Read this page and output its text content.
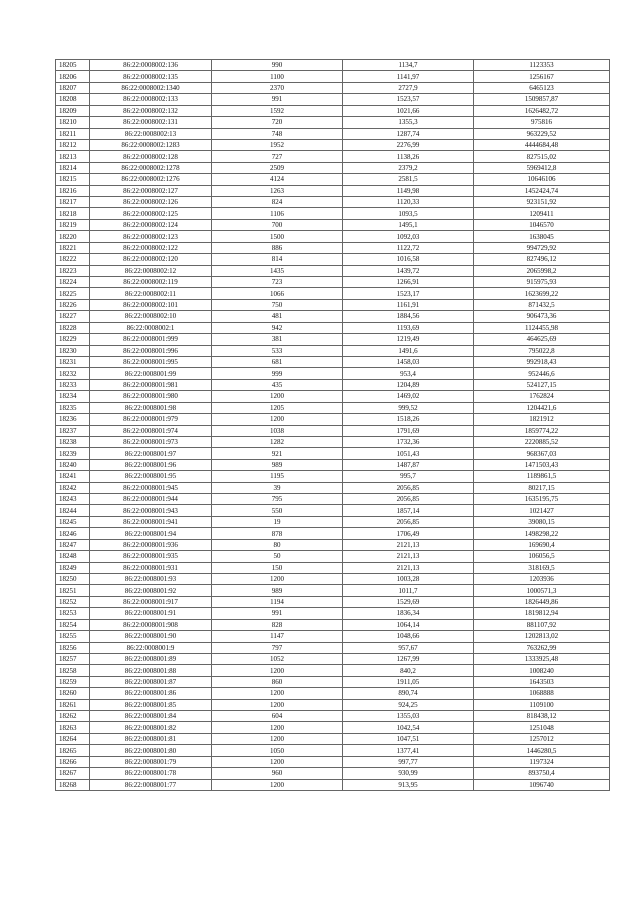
18205	86:22:0008002:136	990	1134,7	1123353
18206	86:22:0008002:135	1100	1141,97	1256167
18207	86:22:0008002:1340	2370	2727,9	6465123
18208	86:22:0008002:133	991	1523,57	1509857,87
18209	86:22:0008002:132	1592	1021,66	1626482,72
18210	86:22:0008002:131	720	1355,3	975816
18211	86:22:0008002:13	748	1287,74	963229,52
18212	86:22:0008002:1283	1952	2276,99	4444684,48
18213	86:22:0008002:128	727	1138,26	827515,02
18214	86:22:0008002:1278	2509	2379,2	5969412,8
18215	86:22:0008002:1276	4124	2581,5	10646106
18216	86:22:0008002:127	1263	1149,98	1452424,74
18217	86:22:0008002:126	824	1120,33	923151,92
18218	86:22:0008002:125	1106	1093,5	1209411
18219	86:22:0008002:124	700	1495,1	1046570
18220	86:22:0008002:123	1500	1092,03	1638045
18221	86:22:0008002:122	886	1122,72	994729,92
18222	86:22:0008002:120	814	1016,58	827496,12
18223	86:22:0008002:12	1435	1439,72	2065998,2
18224	86:22:0008002:119	723	1266,91	915975,93
18225	86:22:0008002:11	1066	1523,17	1623699,22
18226	86:22:0008002:101	750	1161,91	871432,5
18227	86:22:0008002:10	481	1884,56	906473,36
18228	86:22:0008002:1	942	1193,69	1124455,98
18229	86:22:0008001:999	381	1219,49	464625,69
18230	86:22:0008001:996	533	1491,6	795022,8
18231	86:22:0008001:995	681	1458,03	992918,43
18232	86:22:0008001:99	999	953,4	952446,6
18233	86:22:0008001:981	435	1204,89	524127,15
18234	86:22:0008001:980	1200	1469,02	1762824
18235	86:22:0008001:98	1205	999,52	1204421,6
18236	86:22:0008001:979	1200	1518,26	1821912
18237	86:22:0008001:974	1038	1791,69	1859774,22
18238	86:22:0008001:973	1282	1732,36	2220885,52
18239	86:22:0008001:97	921	1051,43	968367,03
18240	86:22:0008001:96	989	1487,87	1471503,43
18241	86:22:0008001:95	1195	995,7	1189861,5
18242	86:22:0008001:945	39	2056,85	80217,15
18243	86:22:0008001:944	795	2056,85	1635195,75
18244	86:22:0008001:943	550	1857,14	1021427
18245	86:22:0008001:941	19	2056,85	39080,15
18246	86:22:0008001:94	878	1706,49	1498298,22
18247	86:22:0008001:936	80	2121,13	169690,4
18248	86:22:0008001:935	50	2121,13	106056,5
18249	86:22:0008001:931	150	2121,13	318169,5
18250	86:22:0008001:93	1200	1003,28	1203936
18251	86:22:0008001:92	989	1011,7	1000571,3
18252	86:22:0008001:917	1194	1529,69	1826449,86
18253	86:22:0008001:91	991	1836,34	1819812,94
18254	86:22:0008001:908	828	1064,14	881107,92
18255	86:22:0008001:90	1147	1048,66	1202813,02
18256	86:22:0008001:9	797	957,67	763262,99
18257	86:22:0008001:89	1052	1267,99	1333925,48
18258	86:22:0008001:88	1200	840,2	1008240
18259	86:22:0008001:87	860	1911,05	1643503
18260	86:22:0008001:86	1200	890,74	1068888
18261	86:22:0008001:85	1200	924,25	1109100
18262	86:22:0008001:84	604	1355,03	818438,12
18263	86:22:0008001:82	1200	1042,54	1251048
18264	86:22:0008001:81	1200	1047,51	1257012
18265	86:22:0008001:80	1050	1377,41	1446280,5
18266	86:22:0008001:79	1200	997,77	1197324
18267	86:22:0008001:78	960	930,99	893750,4
18268	86:22:0008001:77	1200	913,95	1096740
